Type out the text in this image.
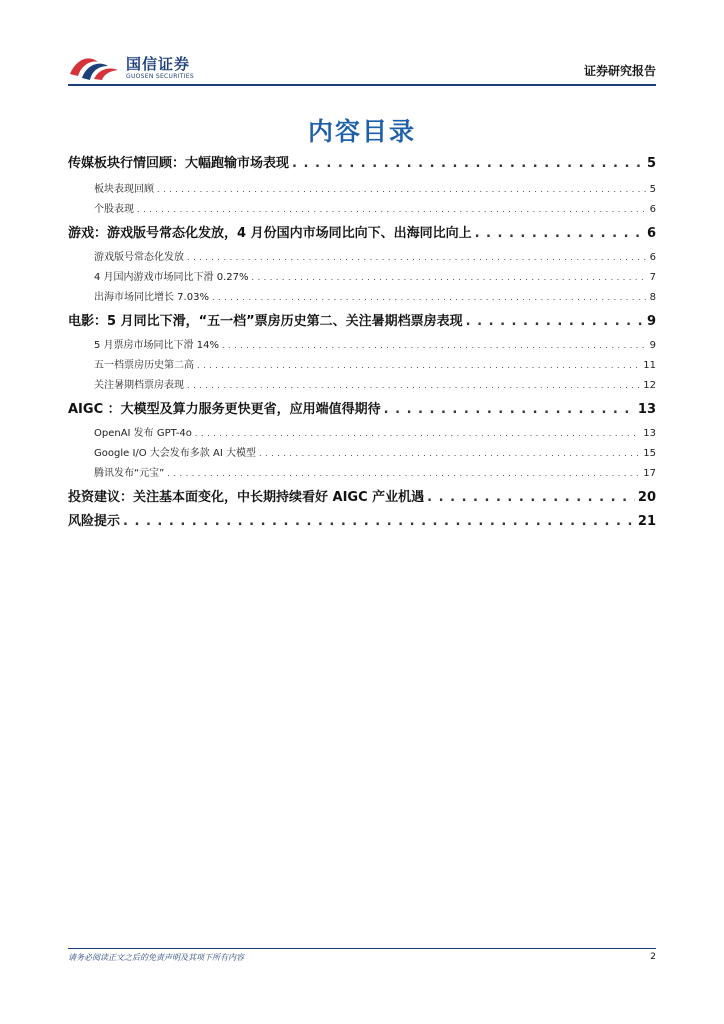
国信证券
GUOSEN SECURITIES	证券研究报告
内容目录
传媒板块行情回顾：大幅跑输市场表现 . . .	5
板块表现回顾 . . .	5
个股表现 . . .	6
游戏：游戏版号常态化发放，4 月份国内市场同比向下、出海同比向上 . . .	6
游戏版号常态化发放 . . .	6
4 月国内游戏市场同比下滑 0.27% . . .	7
出海市场同比增长 7.03% . . .	8
电影：5 月同比下滑，“五一档”票房历史第二、关注暑期档票房表现 . . .	9
5 月票房市场同比下滑 14% . . .	9
五一档票房历史第二高 . . .	11
关注暑期档票房表现 . . .	12
AIGC ：大模型及算力服务更快更省，应用端值得期待 . . .	13
OpenAI 发布 GPT-4o . . .	13
Google I/O 大会发布多款 AI 大模型 . . .	15
腾讯发布“元宝” . . .	17
投资建议：关注基本面变化，中长期持续看好 AIGC 产业机遇 . . .	20
风险提示 . . .	21
请务必阅读正文之后的免责声明及其项下所有内容	2
